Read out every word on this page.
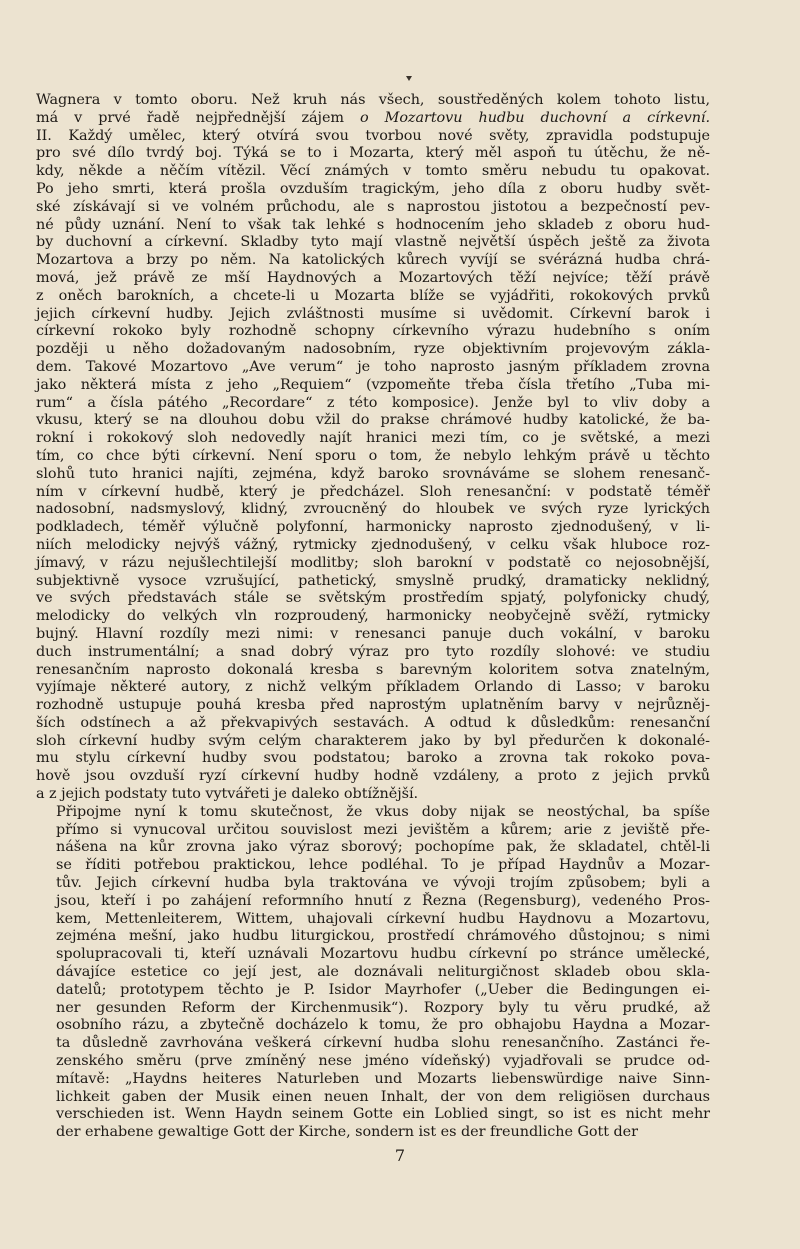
Wagnera v tomto oboru. Než kruh nás všech, soustředěných kolem tohoto listu,
má v prvé řadě nejpřednější zájem o Mozartovu hudbu duchovní a církevní.
II. Každý umělec, který otvírá svou tvorbou nové světy, zpravidla podstupuje
pro své dílo tvrdý boj. Týká se to i Mozarta, který měl aspoň tu útěchu, že ně-
kdy, někde a něčím vítězil. Věcí známých v tomto směru nebudu tu opakovat.
Po jeho smrti, která prošla ovzduším tragickým, jeho díla z oboru hudby svět-
ské získávají si ve volném průchodu, ale s naprostou jistotou a bezpečností pev-
né půdy uznání. Není to však tak lehké s hodnocením jeho skladeb z oboru hud-
by duchovní a církevní. Skladby tyto mají vlastně největší úspěch ještě za života
Mozartova a brzy po něm. Na katolických kůrech vyvíjí se svérázná hudba chrá-
mová, jež právě ze mší Haydnových a Mozartových těží nejvíce; těží právě
z oněch barokních, a chcete-li u Mozarta blíže se vyjádřiti, rokokových prvků
jejich církevní hudby. Jejich zvláštnosti musíme si uvědomit. Církevní barok i
církevní rokoko byly rozhodně schopny církevního výrazu hudebního s oním
později u něho dožadovaným nadosobním, ryze objektivním projevovým zákla-
dem. Takové Mozartovo „Ave verum“ je toho naprosto jasným příkladem zrovna
jako některá místa z jeho „Requiem“ (vzpomeňte třeba čísla třetího „Tuba mi-
rum“ a čísla pátého „Recordare“ z této komposice). Jenže byl to vliv doby a
vkusu, který se na dlouhou dobu vžil do prakse chrámové hudby katolické, že ba-
rokní i rokokový sloh nedovedly najít hranici mezi tím, co je světské, a mezi
tím, co chce býti církevní. Není sporu o tom, že nebylo lehkým právě u těchto
slohů tuto hranici najíti, zejména, když baroko srovnáváme se slohem renesanč-
ním v církevní hudbě, který je předcházel. Sloh renesanční: v podstatě téměř
nadosobní, nadsmyslový, klidný, zvroucněný do hloubek ve svých ryze lyrických
podkladech, téměř výlučně polyfonní, harmonicky naprosto zjednodušený, v li-
niích melodicky nejvýš vážný, rytmicky zjednodušený, v celku však hluboce roz-
jímavý, v rázu nejušlechtilejší modlitby; sloh barokní v podstatě co nejosobnější,
subjektivně vysoce vzrušující, pathetický, smyslně prudký, dramaticky neklidný,
ve svých představách stále se světským prostředím spjatý, polyfonicky chudý,
melodicky do velkých vln rozproudený, harmonicky neobyčejně svěží, rytmicky
bujný. Hlavní rozdíly mezi nimi: v renesanci panuje duch vokální, v baroku
duch instrumentální; a snad dobrý výraz pro tyto rozdíly slohové: ve studiu
renesančním naprosto dokonalá kresba s barevným koloritem sotva znatelným,
vyjímaje některé autory, z nichž velkým příkladem Orlando di Lasso; v baroku
rozhodně ustupuje pouhá kresba před naprostým uplatněním barvy v nejrůzněj-
ších odstínech a až překvapivých sestavách. A odtud k důsledkům: renesanční
sloh církevní hudby svým celým charakterem jako by byl předurčen k dokonalé-
mu stylu církevní hudby svou podstatou; baroko a zrovna tak rokoko pova-
hově jsou ovzduší ryzí církevní hudby hodně vzdáleny, a proto z jejich prvků
a z jejich podstaty tuto vytvářeti je daleko obtížnější.

Připojme nyní k tomu skutečnost, že vkus doby nijak se neostýchal, ba spíše
přímo si vynucoval určitou souvislost mezi jevištěm a kůrem; arie z jeviště pře-
nášena na kůr zrovna jako výraz sborový; pochopíme pak, že skladatel, chtěl-li
se říditi potřebou praktickou, lehce podléhal. To je případ Haydnův a Mozar-
tův. Jejich církevní hudba byla traktována ve vývoji trojím způsobem; byli a
jsou, kteří i po zahájení reformního hnutí z Řezna (Regensburg), vedeného Pros-
kem, Mettenleiterem, Wittem, uhajovali církevní hudbu Haydnovu a Mozartovu,
zejména mešní, jako hudbu liturgickou, prostředí chrámového důstojnou; s nimi
spolupracovali ti, kteří uznávali Mozartovu hudbu církevní po stránce umělecké,
dávajíce estetice co její jest, ale doznávali neliturgičnost skladeb obou skla-
datelů; prototypem těchto je P. Isidor Mayrhofer („Ueber die Bedingungen ei-
ner gesunden Reform der Kirchenmusik“). Rozpory byly tu věru prudké, až
osobního rázu, a zbytečně docházelo k tomu, že pro obhajobu Haydna a Mozar-
ta důsledně zavrhována veškerá církevní hudba slohu renesančního. Zastánci ře-
zenského směru (prve zmíněný nese jméno vídeňský) vyjadřovali se prudce od-
mítavě: „Haydns heiteres Naturleben und Mozarts liebenswürdige naive Sinn-
lichkeit gaben der Musik einen neuen Inhalt, der von dem religiösen durchaus
verschieden ist. Wenn Haydn seinem Gotte ein Loblied singt, so ist es nicht mehr
der erhabene gewaltige Gott der Kirche, sondern ist es der freundliche Gott der

7
